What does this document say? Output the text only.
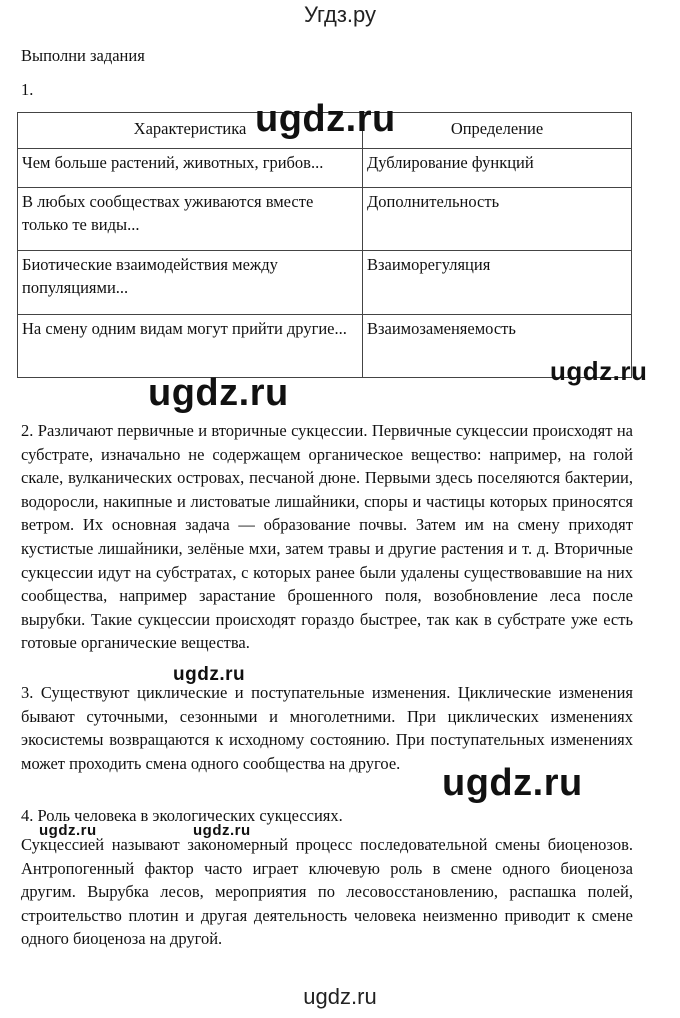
Угдз.ру
Выполни задания
1.
Характеристика	Определение
Чем больше растений, животных, грибов...	Дублирование функций
В любых сообществах уживаются вместе только те виды...	Дополнительность
Биотические взаимодействия между популяциями...	Взаиморегуляция
На смену одним видам могут прийти другие...	Взаимозаменяемость

2. Различают первичные и вторичные сукцессии. Первичные сукцессии происходят на субстрате, изначально не содержащем органическое вещество: например, на голой скале, вулканических островах, песчаной дюне. Первыми здесь поселяются бактерии, водоросли, накипные и листоватые лишайники, споры и частицы которых приносятся ветром. Их основная задача — образование почвы. Затем им на смену приходят кустистые лишайники, зелёные мхи, затем травы и другие растения и т. д. Вторичные сукцессии идут на субстратах, с которых ранее были удалены существовавшие на них сообщества, например зарастание брошенного поля, возобновление леса после вырубки. Такие сукцессии происходят гораздо быстрее, так как в субстрате уже есть готовые органические вещества.

3. Существуют циклические и поступательные изменения. Циклические изменения бывают суточными, сезонными и многолетними. При циклических изменениях экосистемы возвращаются к исходному состоянию. При поступательных изменениях может проходить смена одного сообщества на другое.

4. Роль человека в экологических сукцессиях.

Сукцессией называют закономерный процесс последовательной смены биоценозов. Антропогенный фактор часто играет ключевую роль в смене одного биоценоза другим. Вырубка лесов, мероприятия по лесовосстановлению, распашка полей, строительство плотин и другая деятельность человека неизменно приводит к смене одного биоценоза на другой.

ugdz.ru
ugdz.ru
ugdz.ru
ugdz.ru
ugdz.ru
ugdz.ru	ugdz.ru
ugdz.ru
